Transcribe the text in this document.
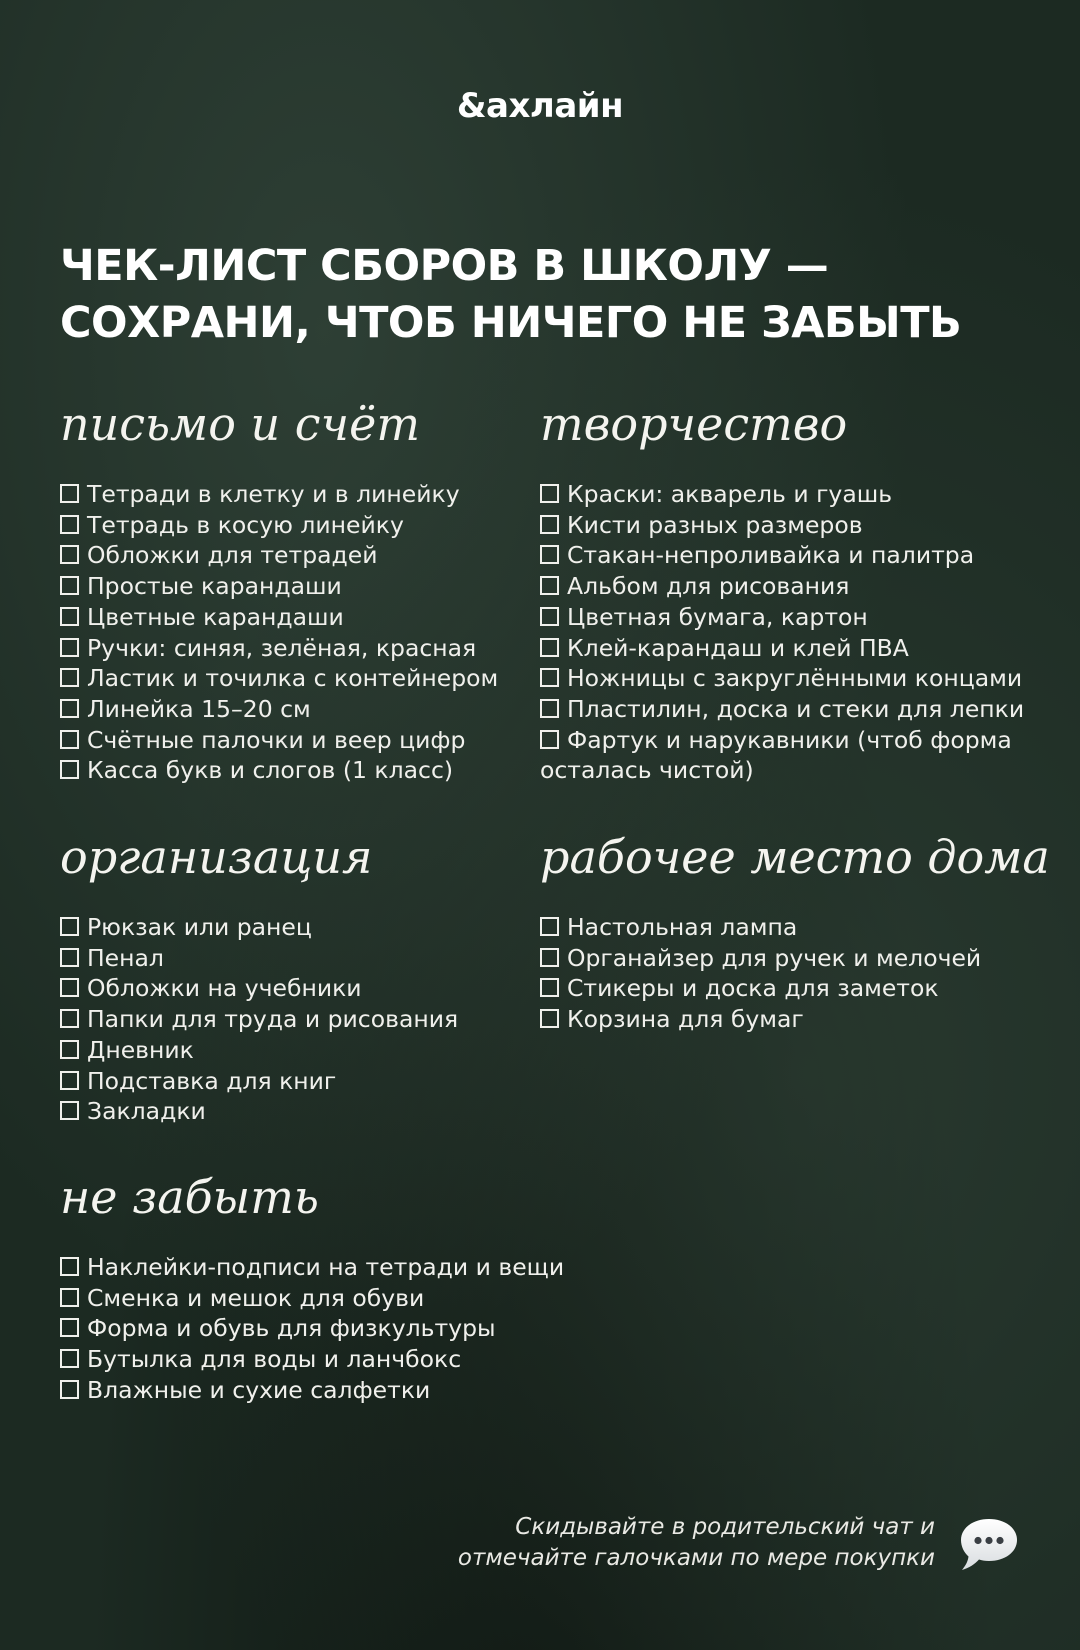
&ахлайн
ЧЕК-ЛИСТ СБОРОВ В ШКОЛУ —
СОХРАНИ, ЧТОБ НИЧЕГО НЕ ЗАБЫТЬ
письмо и счёт
Тетради в клетку и в линейку
Тетрадь в косую линейку
Обложки для тетрадей
Простые карандаши
Цветные карандаши
Ручки: синяя, зелёная, красная
Ластик и точилка с контейнером
Линейка 15–20 см
Счётные палочки и веер цифр
Касса букв и слогов (1 класс)
творчество
Краски: акварель и гуашь
Кисти разных размеров
Стакан-непроливайка и палитра
Альбом для рисования
Цветная бумага, картон
Клей-карандаш и клей ПВА
Ножницы с закруглёнными концами
Пластилин, доска и стеки для лепки
Фартук и нарукавники (чтоб форма осталась чистой)
организация
Рюкзак или ранец
Пенал
Обложки на учебники
Папки для труда и рисования
Дневник
Подставка для книг
Закладки
рабочее место дома
Настольная лампа
Органайзер для ручек и мелочей
Стикеры и доска для заметок
Корзина для бумаг
не забыть
Наклейки-подписи на тетради и вещи
Сменка и мешок для обуви
Форма и обувь для физкультуры
Бутылка для воды и ланчбокс
Влажные и сухие салфетки
Скидывайте в родительский чат и
отмечайте галочками по мере покупки
